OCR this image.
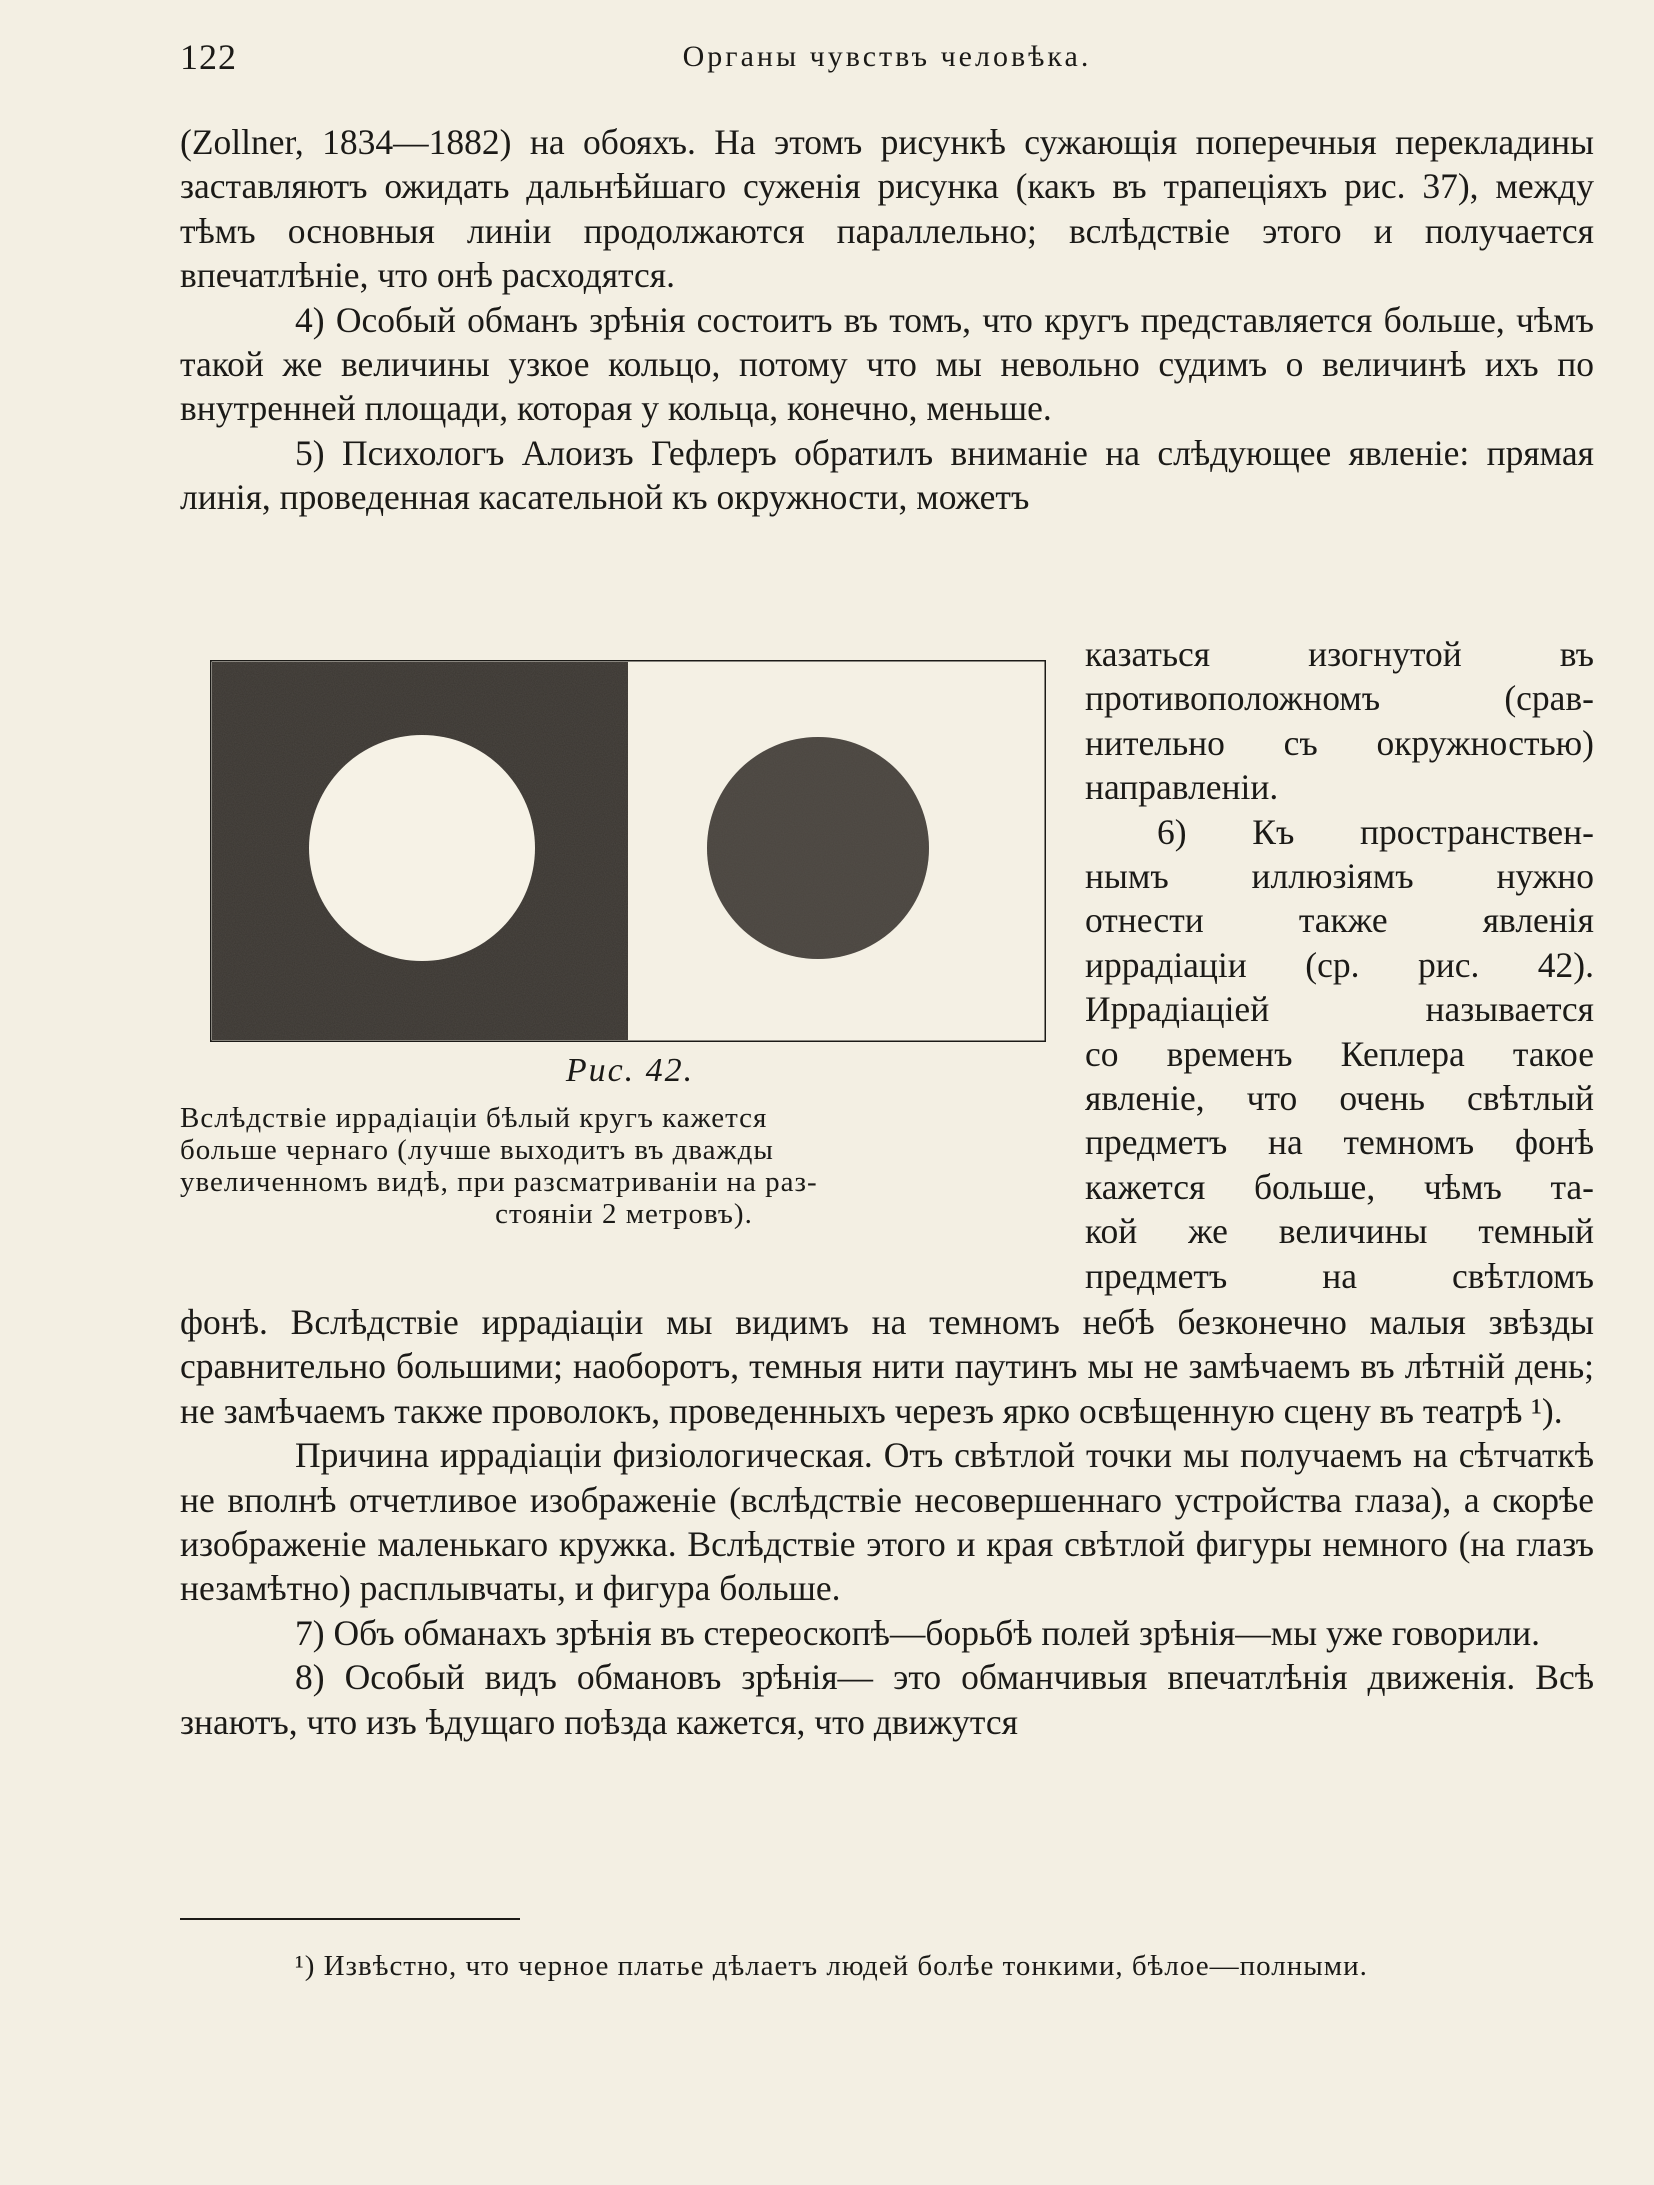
122	Органы чувствъ человѣка.

(Zollner, 1834—1882) на обояхъ. На этомъ рисункѣ сужающія поперечныя перекладины заставляютъ ожидать дальнѣйшаго суженія рисунка (какъ въ трапеціяхъ рис. 37), между тѣмъ основныя линіи продолжаются параллельно; вслѣдствіе этого и получается впечатлѣніе, что онѣ расходятся.

4) Особый обманъ зрѣнія состоитъ въ томъ, что кругъ представляется больше, чѣмъ такой же величины узкое кольцо, потому что мы невольно судимъ о величинѣ ихъ по внутренней площади, которая у кольца, конечно, меньше.

5) Психологъ Алоизъ Гефлеръ обратилъ вниманіе на слѣдующее явленіе: прямая линія, проведенная касательной къ окружности, можетъ

Рис. 42.
Вслѣдствіе иррадіаціи бѣлый кругъ кажется
больше чернаго (лучше выходитъ въ дважды
увеличенномъ видѣ, при разсматриваніи на раз-
стояніи 2 метровъ).
казаться изогнутой въ
противоположномъ (срав-
нительно съ окружностью)
направленіи.
6) Къ пространствен-
нымъ иллюзіямъ нужно
отнести также явленія
иррадіаціи (ср. рис. 42).
Иррадіаціей называется
со временъ Кеплера такое
явленіе, что очень свѣтлый
предметъ на темномъ фонѣ
кажется больше, чѣмъ та-
кой же величины темный
предметъ на свѣтломъ

фонѣ. Вслѣдствіе иррадіаціи мы видимъ на темномъ небѣ безконечно малыя звѣзды сравнительно большими; наоборотъ, темныя нити паутинъ мы не замѣчаемъ въ лѣтній день; не замѣчаемъ также проволокъ, проведенныхъ черезъ ярко освѣщенную сцену въ театрѣ ¹).

Причина иррадіаціи физіологическая. Отъ свѣтлой точки мы получаемъ на сѣтчаткѣ не вполнѣ отчетливое изображеніе (вслѣдствіе несовершеннаго устройства глаза), а скорѣе изображеніе маленькаго кружка. Вслѣдствіе этого и края свѣтлой фигуры немного (на глазъ незамѣтно) расплывчаты, и фигура больше.

7) Объ обманахъ зрѣнія въ стереоскопѣ—борьбѣ полей зрѣнія—мы уже говорили.

8) Особый видъ обмановъ зрѣнія— это обманчивыя впечатлѣнія движенія. Всѣ знаютъ, что изъ ѣдущаго поѣзда кажется, что движутся

¹) Извѣстно, что черное платье дѣлаетъ людей болѣе тонкими, бѣлое—полными.
